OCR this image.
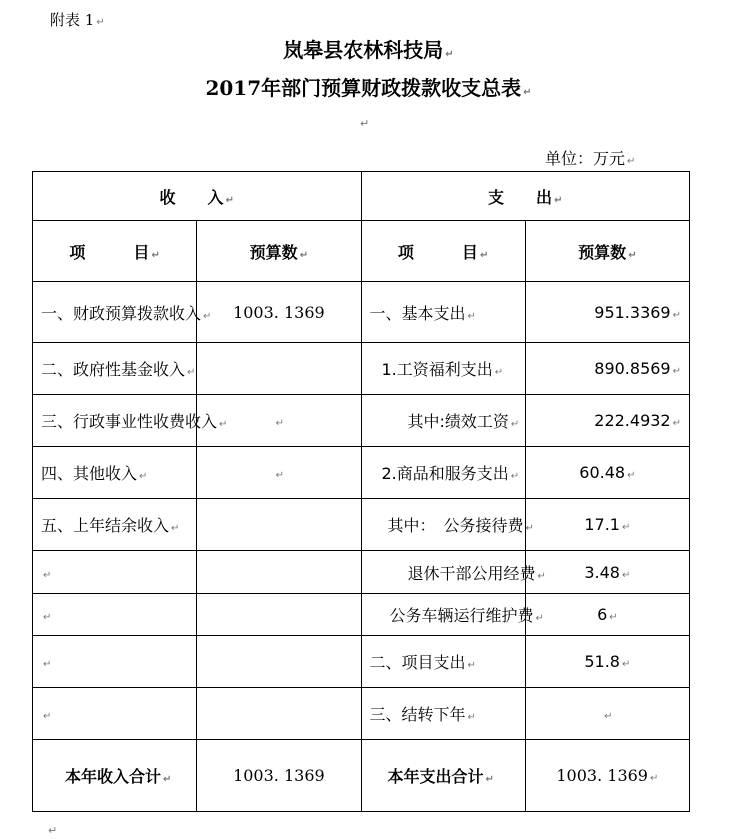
附表 1 ↵
岚皋县农林科技局 ↵
2017年部门预算财政拨款收支总表 ↵
↵
单位：万元 ↵
收　　入 ↵		支　　出 ↵	
项　　　目 ↵	预算数 ↵	项　　　目 ↵	预算数 ↵
一、财政预算拨款收入 ↵	1003. 1369	一、基本支出 ↵	951.3369 ↵
二、政府性基金收入 ↵		1.工资福利支出 ↵	890.8569 ↵
三、行政事业性收费收入 ↵	↵	其中:绩效工资 ↵	222.4932 ↵
四、其他收入 ↵	↵	2.商品和服务支出 ↵	60.48 ↵
五、上年结余收入 ↵		其中：　公务接待费 ↵	17.1 ↵
↵		退休干部公用经费 ↵	3.48 ↵
↵		公务车辆运行维护费 ↵	6 ↵
↵		二、项目支出 ↵	51.8 ↵
↵		三、结转下年 ↵	↵
本年收入合计 ↵	1003. 1369	本年支出合计 ↵	1003. 1369 ↵
↵
